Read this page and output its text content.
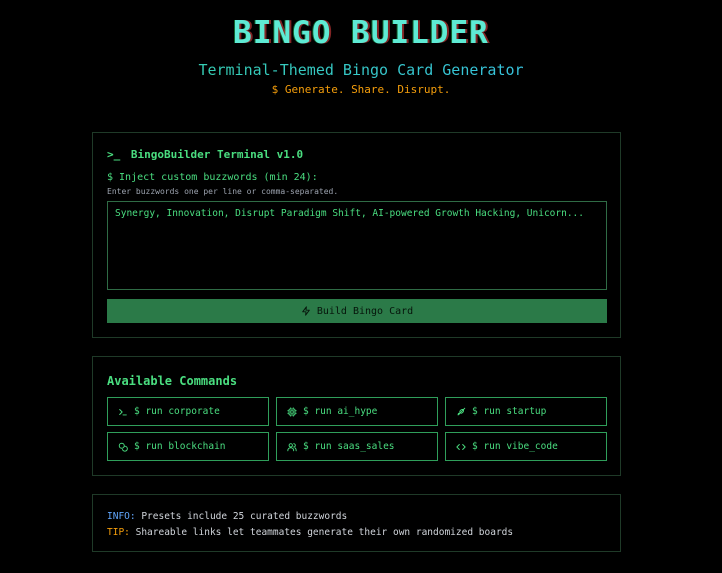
BINGO BUILDER
Terminal-Themed Bingo Card Generator
$ Generate. Share. Disrupt.
>_ BingoBuilder Terminal v1.0
$ Inject custom buzzwords (min 24):
Enter buzzwords one per line or comma-separated.
Synergy, Innovation, Disrupt Paradigm Shift, AI-powered Growth Hacking, Unicorn...
Build Bingo Card
Available Commands
$ run corporate	$ run ai_hype	$ run startup
$ run blockchain	$ run saas_sales	$ run vibe_code
INFO: Presets include 25 curated buzzwords
TIP: Shareable links let teammates generate their own randomized boards
